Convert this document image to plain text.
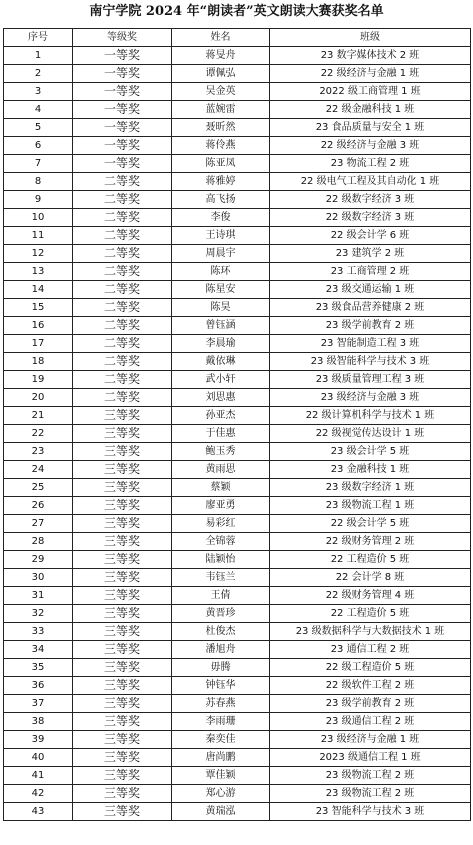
南宁学院 2024 年“朗读者”英文朗读大赛获奖名单
序号	等级奖	姓名	班级
1	一等奖	蒋旻舟	23 数字媒体技术 2 班
2	一等奖	谭佩弘	22 级经济与金融 1 班
3	一等奖	吴金英	2022 级工商管理 1 班
4	一等奖	蓝婉雷	22 级金融科技 1 班
5	一等奖	聂昕然	23 食品质量与安全 1 班
6	一等奖	蒋伶燕	22 级经济与金融 3 班
7	一等奖	陈亚凤	23 物流工程 2 班
8	二等奖	蒋雅婷	22 级电气工程及其自动化 1 班
9	二等奖	高飞扬	22 级数字经济 3 班
10	二等奖	李俊	22 级数字经济 3 班
11	二等奖	王诗琪	22 级会计学 6 班
12	二等奖	周晨宇	23 建筑学 2 班
13	二等奖	陈环	23 工商管理 2 班
14	二等奖	陈星安	23 级交通运输 1 班
15	二等奖	陈昊	23 级食品营养健康 2 班
16	二等奖	曾钰涵	23 级学前教育 2 班
17	二等奖	李晨瑜	23 智能制造工程 3 班
18	二等奖	戴依琳	23 级智能科学与技术 3 班
19	二等奖	武小轩	23 级质量管理工程 3 班
20	二等奖	刘思惠	23 级经济与金融 3 班
21	三等奖	孙亚杰	22 级计算机科学与技术 1 班
22	三等奖	于佳惠	22 级视觉传达设计 1 班
23	三等奖	鲍玉秀	23 级会计学 5 班
24	三等奖	黄雨思	23 金融科技 1 班
25	三等奖	蔡颖	23 级数字经济 1 班
26	三等奖	廖亚勇	23 级物流工程 1 班
27	三等奖	易彩红	22 级会计学 5 班
28	三等奖	全锦蓉	22 级财务管理 2 班
29	三等奖	陆颖怡	22 工程造价 5 班
30	三等奖	韦钰兰	22 会计学 8 班
31	三等奖	王倩	22 级财务管理 4 班
32	三等奖	黄晋珍	22 工程造价 5 班
33	三等奖	杜俊杰	23 级数据科学与大数据技术 1 班
34	三等奖	潘旭舟	23 通信工程 2 班
35	三等奖	毋腾	22 级工程造价 5 班
36	三等奖	钟钰华	22 级软件工程 2 班
37	三等奖	苏春燕	23 级学前教育 2 班
38	三等奖	李雨珊	23 级通信工程 2 班
39	三等奖	秦奕佳	23 级经济与金融 1 班
40	三等奖	唐尚鹏	2023 级通信工程 1 班
41	三等奖	覃佳颖	23 级物流工程 2 班
42	三等奖	郑心游	23 级物流工程 2 班
43	三等奖	黄瑞泓	23 智能科学与技术 3 班
